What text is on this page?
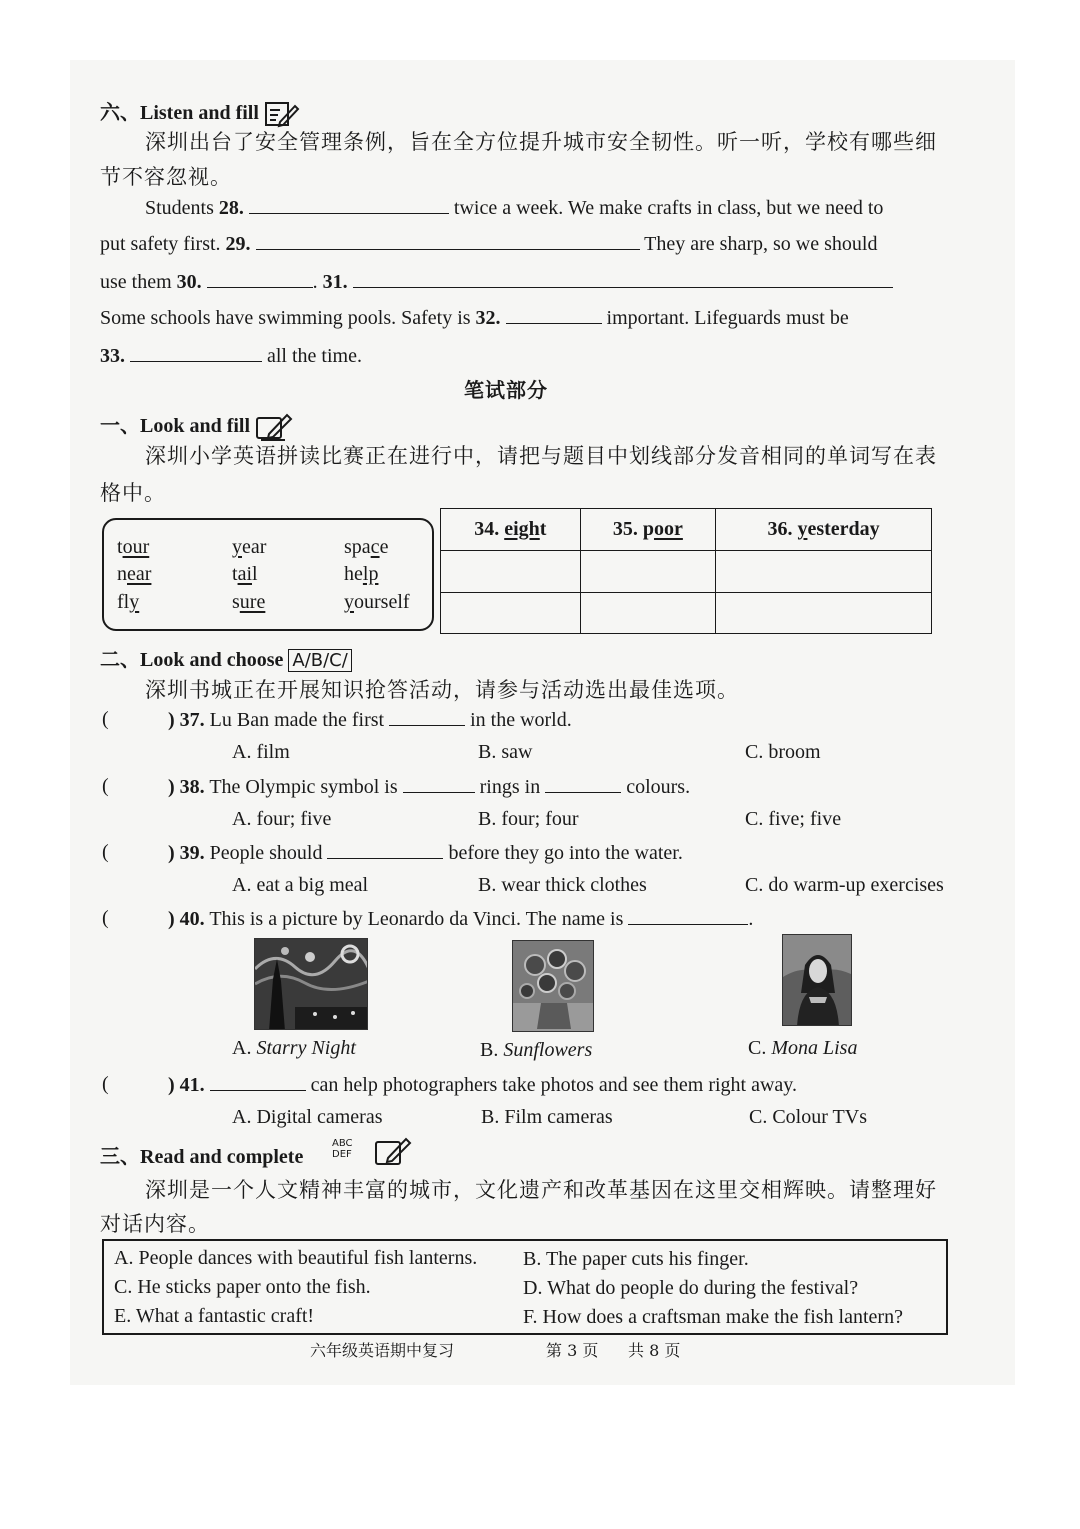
六、Listen and fill
深圳出台了安全管理条例，旨在全方位提升城市安全韧性。听一听，学校有哪些细
节不容忽视。
Students 28.	twice a week. We make crafts in class, but we need to
put safety first. 29.	They are sharp, so we should
use them 30.	. 31.
Some schools have swimming pools. Safety is 32.	important. Lifeguards must be
33.	all the time.
笔试部分
一、Look and fill
深圳小学英语拼读比赛正在进行中，请把与题目中划线部分发音相同的单词写在表
格中。
tour	year	space
near	tail	help
fly	sure	yourself
34. eight	35. poor	36. yesterday

二、Look and choose A/B/C/
深圳书城正在开展知识抢答活动，请参与活动选出最佳选项。
(	) 37. Lu Ban made the first	in the world.
A. film	B. saw	C. broom
(	) 38. The Olympic symbol is	rings in	colours.
A. four; five	B. four; four	C. five; five
(	) 39. People should	before they go into the water.
A. eat a big meal	B. wear thick clothes	C. do warm-up exercises
(	) 40. This is a picture by Leonardo da Vinci. The name is	.
A. Starry Night	B. Sunflowers	C. Mona Lisa
(	) 41.	can help photographers take photos and see them right away.
A. Digital cameras	B. Film cameras	C. Colour TVs
三、Read and complete
ABC
DEF
深圳是一个人文精神丰富的城市，文化遗产和改革基因在这里交相辉映。请整理好
对话内容。
A. People dances with beautiful fish lanterns. B. The paper cuts his finger.
C. He sticks paper onto the fish.	D. What do people do during the festival?
E. What a fantastic craft!	F. How does a craftsman make the fish lantern?
六年级英语期中复习	第 3 页 共 8 页
